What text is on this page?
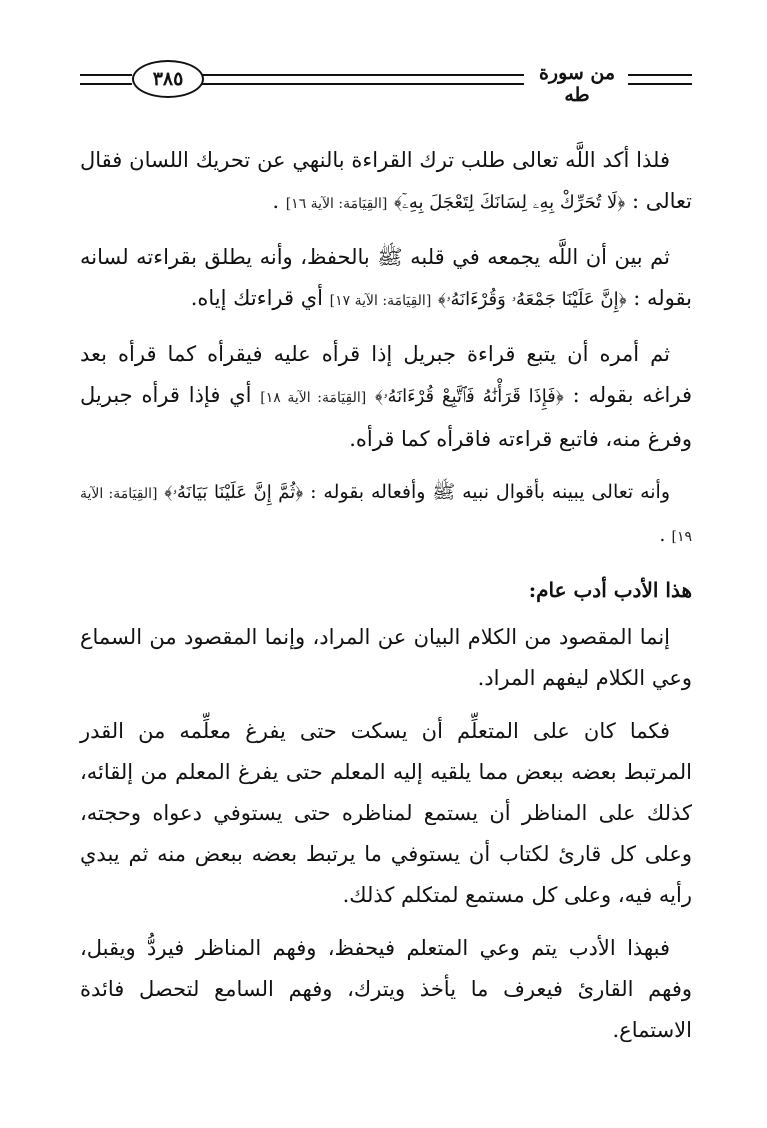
٣٨٥	من سورة طه

فلذا أكد اللَّه تعالى طلب ترك القراءة بالنهي عن تحريك اللسان فقال تعالى : ﴿لَا تُحَرِّكْ بِهِۦ لِسَانَكَ لِتَعْجَلَ بِهِۦٓ﴾ [القِيَامَة: الآية ١٦] .

ثم بين أن اللَّه يجمعه في قلبه ﷺ بالحفظ، وأنه يطلق بقراءته لسانه بقوله : ﴿إِنَّ عَلَيْنَا جَمْعَهُۥ وَقُرْءَانَهُۥ﴾ [القِيَامَة: الآية ١٧] أي قراءتك إياه.

ثم أمره أن يتبع قراءة جبريل إذا قرأه عليه فيقرأه كما قرأه بعد فراغه بقوله : ﴿فَإِذَا قَرَأْنَٰهُ فَٱتَّبِعْ قُرْءَانَهُۥ﴾ [القِيَامَة: الآية ١٨] أي فإذا قرأه جبريل وفرغ منه، فاتبع قراءته فاقرأه كما قرأه.

وأنه تعالى يبينه بأقوال نبيه ﷺ وأفعاله بقوله : ﴿ثُمَّ إِنَّ عَلَيْنَا بَيَانَهُۥ﴾ [القِيَامَة: الآية ١٩] .

هذا الأدب أدب عام:

إنما المقصود من الكلام البيان عن المراد، وإنما المقصود من السماع وعي الكلام ليفهم المراد.

فكما كان على المتعلِّم أن يسكت حتى يفرغ معلِّمه من القدر المرتبط بعضه ببعض مما يلقيه إليه المعلم حتى يفرغ المعلم من إلقائه، كذلك على المناظر أن يستمع لمناظره حتى يستوفي دعواه وحجته، وعلى كل قارئ لكتاب أن يستوفي ما يرتبط بعضه ببعض منه ثم يبدي رأيه فيه، وعلى كل مستمع لمتكلم كذلك.

فبهذا الأدب يتم وعي المتعلم فيحفظ، وفهم المناظر فيردُّ ويقبل، وفهم القارئ فيعرف ما يأخذ ويترك، وفهم السامع لتحصل فائدة الاستماع.
